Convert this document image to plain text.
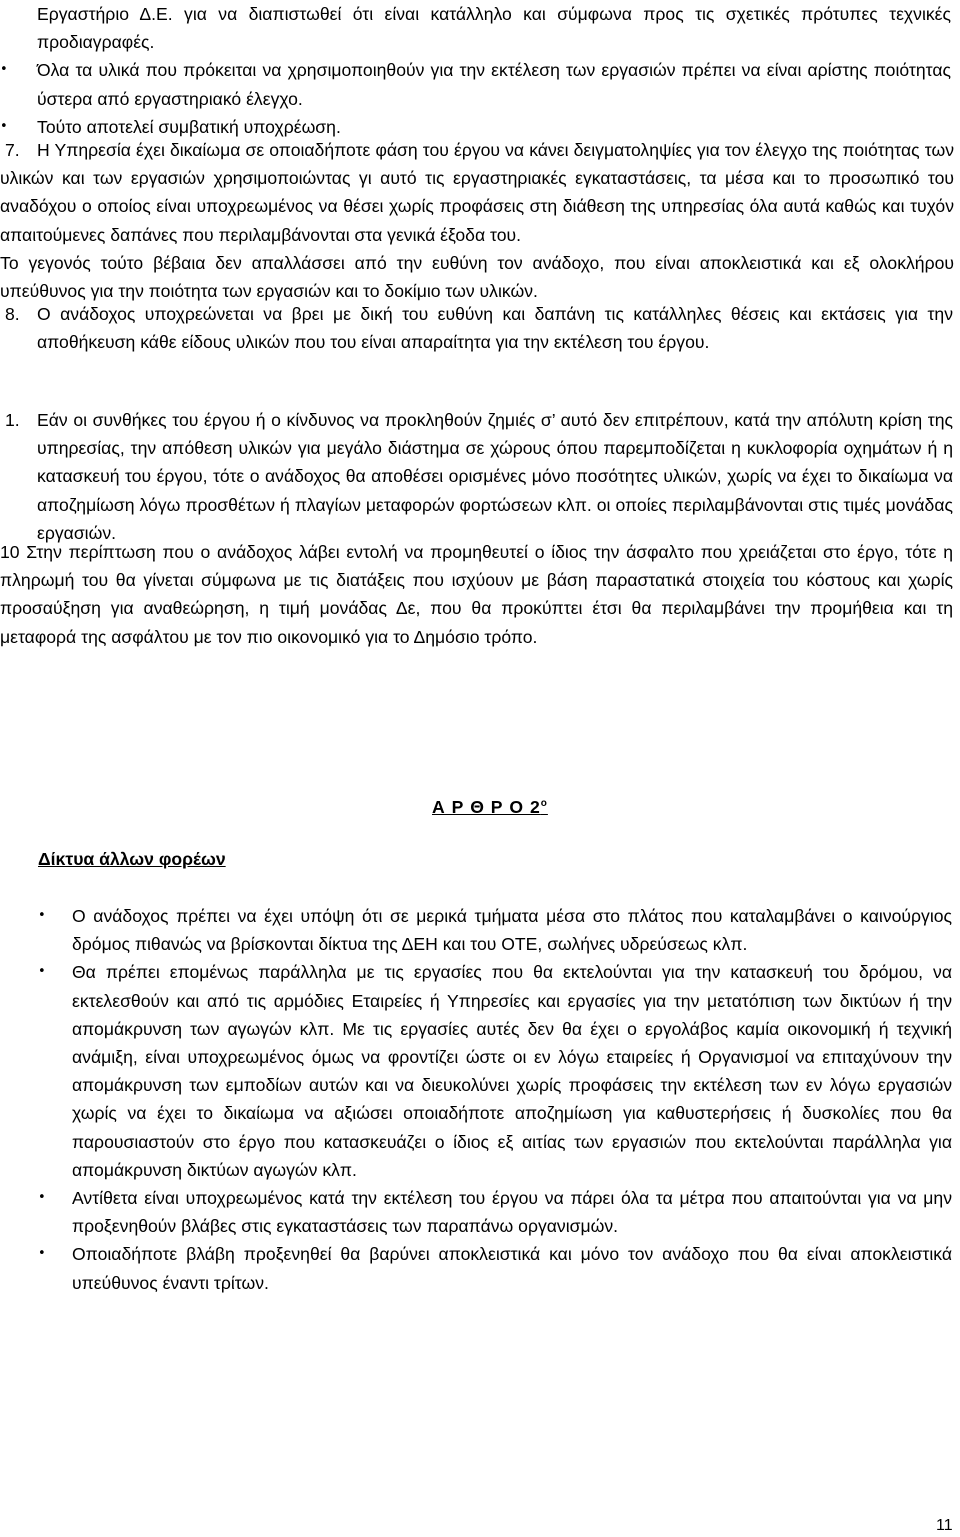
Εργαστήριο Δ.Ε. για να διαπιστωθεί ότι είναι κατάλληλο και σύμφωνα προς τις σχετικές πρότυπες τεχνικές προδιαγραφές.
• Όλα τα υλικά που πρόκειται να χρησιμοποιηθούν για την εκτέλεση των εργασιών πρέπει να είναι αρίστης ποιότητας ύστερα από εργαστηριακό έλεγχο.
• Τούτο αποτελεί συμβατική υποχρέωση.
7. Η Υπηρεσία έχει δικαίωμα σε οποιαδήποτε φάση του έργου να κάνει δειγματοληψίες για τον έλεγχο της ποιότητας των υλικών και των εργασιών χρησιμοποιώντας γι αυτό τις εργαστηριακές εγκαταστάσεις, τα μέσα και το προσωπικό του αναδόχου ο οποίος είναι υποχρεωμένος να θέσει χωρίς προφάσεις στη διάθεση της υπηρεσίας όλα αυτά καθώς και τυχόν απαιτούμενες δαπάνες που περιλαμβάνονται στα γενικά έξοδα του.
Το γεγονός τούτο βέβαια δεν απαλλάσσει από την ευθύνη τον ανάδοχο, που είναι αποκλειστικά και εξ ολοκλήρου υπεύθυνος για την ποιότητα των εργασιών και το δοκίμιο των υλικών.
8. Ο ανάδοχος υποχρεώνεται να βρει με δική του ευθύνη και δαπάνη τις κατάλληλες θέσεις και εκτάσεις για την αποθήκευση κάθε είδους υλικών που του είναι απαραίτητα για την εκτέλεση του έργου.
1. Εάν οι συνθήκες του έργου ή ο κίνδυνος να προκληθούν ζημιές σ’ αυτό δεν επιτρέπουν, κατά την απόλυτη κρίση της υπηρεσίας, την απόθεση υλικών για μεγάλο διάστημα σε χώρους όπου παρεμποδίζεται η κυκλοφορία οχημάτων ή η κατασκευή του έργου, τότε ο ανάδοχος θα αποθέσει ορισμένες μόνο ποσότητες υλικών, χωρίς να έχει το δικαίωμα να αποζημίωση λόγω προσθέτων ή πλαγίων μεταφορών φορτώσεων κλπ. οι οποίες περιλαμβάνονται στις τιμές μονάδας εργασιών.
10 Στην περίπτωση που ο ανάδοχος λάβει εντολή να προμηθευτεί ο ίδιος την άσφαλτο που χρειάζεται στο έργο, τότε η πληρωμή του θα γίνεται σύμφωνα με τις διατάξεις που ισχύουν με βάση παραστατικά στοιχεία του κόστους και χωρίς προσαύξηση για αναθεώρηση, η τιμή μονάδας Δε, που θα προκύπτει έτσι θα περιλαμβάνει την προμήθεια και τη μεταφορά της ασφάλτου με τον πιο οικονομικό για το Δημόσιο τρόπο.
Α Ρ Θ Ρ Ο $2^o$
Δίκτυα άλλων φορέων
• Ο ανάδοχος πρέπει να έχει υπόψη ότι σε μερικά τμήματα μέσα στο πλάτος που καταλαμβάνει ο καινούργιος δρόμος πιθανώς να βρίσκονται δίκτυα της ΔΕΗ και του ΟΤΕ, σωλήνες υδρεύσεως κλπ.
• Θα πρέπει επομένως παράλληλα με τις εργασίες που θα εκτελούνται για την κατασκευή του δρόμου, να εκτελεσθούν και από τις αρμόδιες Εταιρείες ή Υπηρεσίες και εργασίες για την μετατόπιση των δικτύων ή την απομάκρυνση των αγωγών κλπ. Με τις εργασίες αυτές δεν θα έχει ο εργολάβος καμία οικονομική ή τεχνική ανάμιξη, είναι υποχρεωμένος όμως να φροντίζει ώστε οι εν λόγω εταιρείες ή Οργανισμοί να επιταχύνουν την απομάκρυνση των εμποδίων αυτών και να διευκολύνει χωρίς προφάσεις την εκτέλεση των εν λόγω εργασιών χωρίς να έχει το δικαίωμα να αξιώσει οποιαδήποτε αποζημίωση για καθυστερήσεις ή δυσκολίες που θα παρουσιαστούν στο έργο που κατασκευάζει ο ίδιος εξ αιτίας των εργασιών που εκτελούνται παράλληλα για απομάκρυνση δικτύων αγωγών κλπ.
• Αντίθετα είναι υποχρεωμένος κατά την εκτέλεση του έργου να πάρει όλα τα μέτρα που απαιτούνται για να μην προξενηθούν βλάβες στις εγκαταστάσεις των παραπάνω οργανισμών.
• Οποιαδήποτε βλάβη προξενηθεί θα βαρύνει αποκλειστικά και μόνο τον ανάδοχο που θα είναι αποκλειστικά υπεύθυνος έναντι τρίτων.
11
